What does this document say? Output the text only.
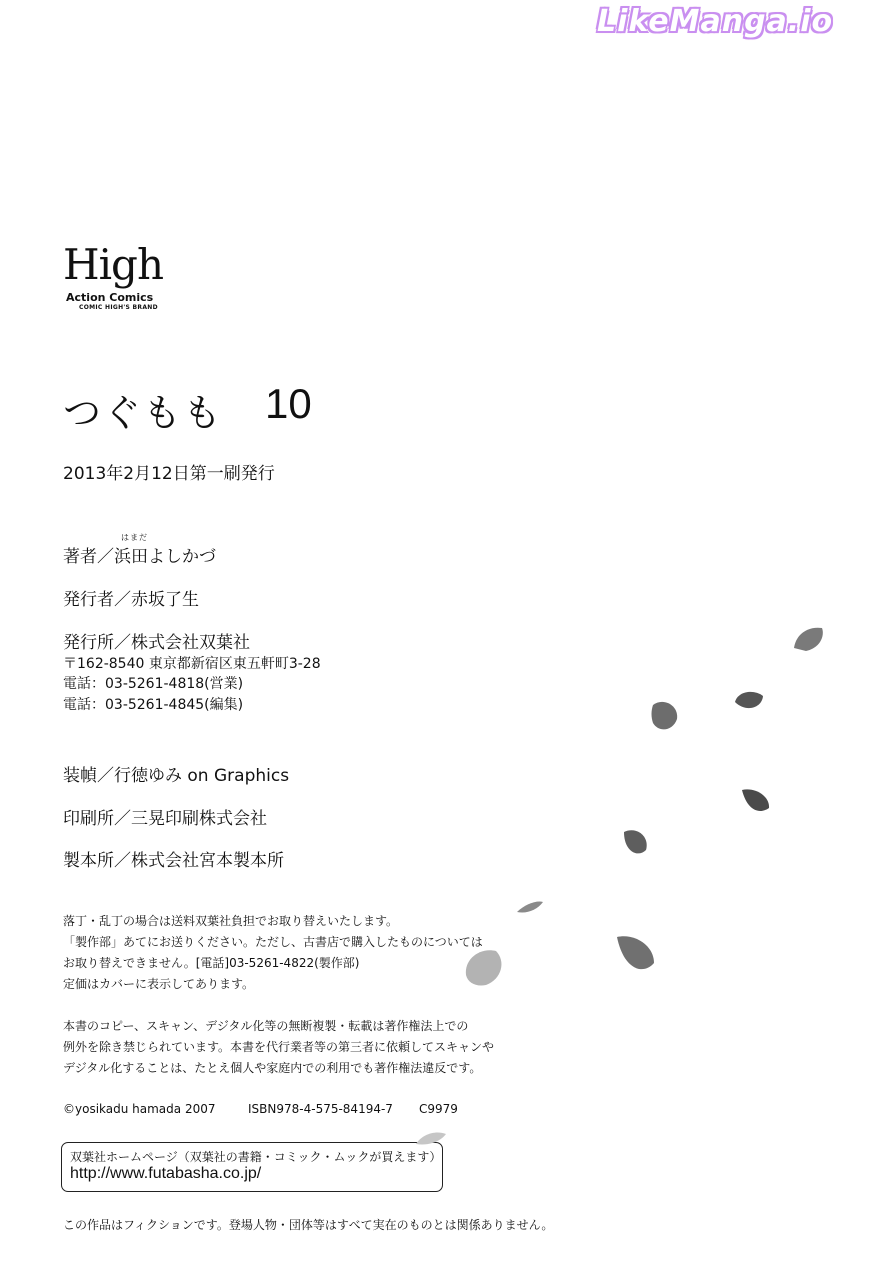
LikeManga.io
High
Action Comics
COMIC HIGH'S BRAND
つぐもも 10
2013年2月12日第一刷発行
はまだ
著者／浜田よしかづ
発行者／赤坂了生
発行所／株式会社双葉社
〒162-8540 東京都新宿区東五軒町3-28
電話：03-5261-4818(営業)
電話：03-5261-4845(編集)
装幀／行徳ゆみ on Graphics
印刷所／三晃印刷株式会社
製本所／株式会社宮本製本所
落丁・乱丁の場合は送料双葉社負担でお取り替えいたします。
「製作部」あてにお送りください。ただし、古書店で購入したものについては
お取り替えできません。[電話]03-5261-4822(製作部)
定価はカバーに表示してあります。
本書のコピー、スキャン、デジタル化等の無断複製・転載は著作権法上での
例外を除き禁じられています。本書を代行業者等の第三者に依頼してスキャンや
デジタル化することは、たとえ個人や家庭内での利用でも著作権法違反です。
©yosikadu hamada 2007	ISBN978-4-575-84194-7 C9979
双葉社ホームページ（双葉社の書籍・コミック・ムックが買えます）
http://www.futabasha.co.jp/
この作品はフィクションです。登場人物・団体等はすべて実在のものとは関係ありません。
